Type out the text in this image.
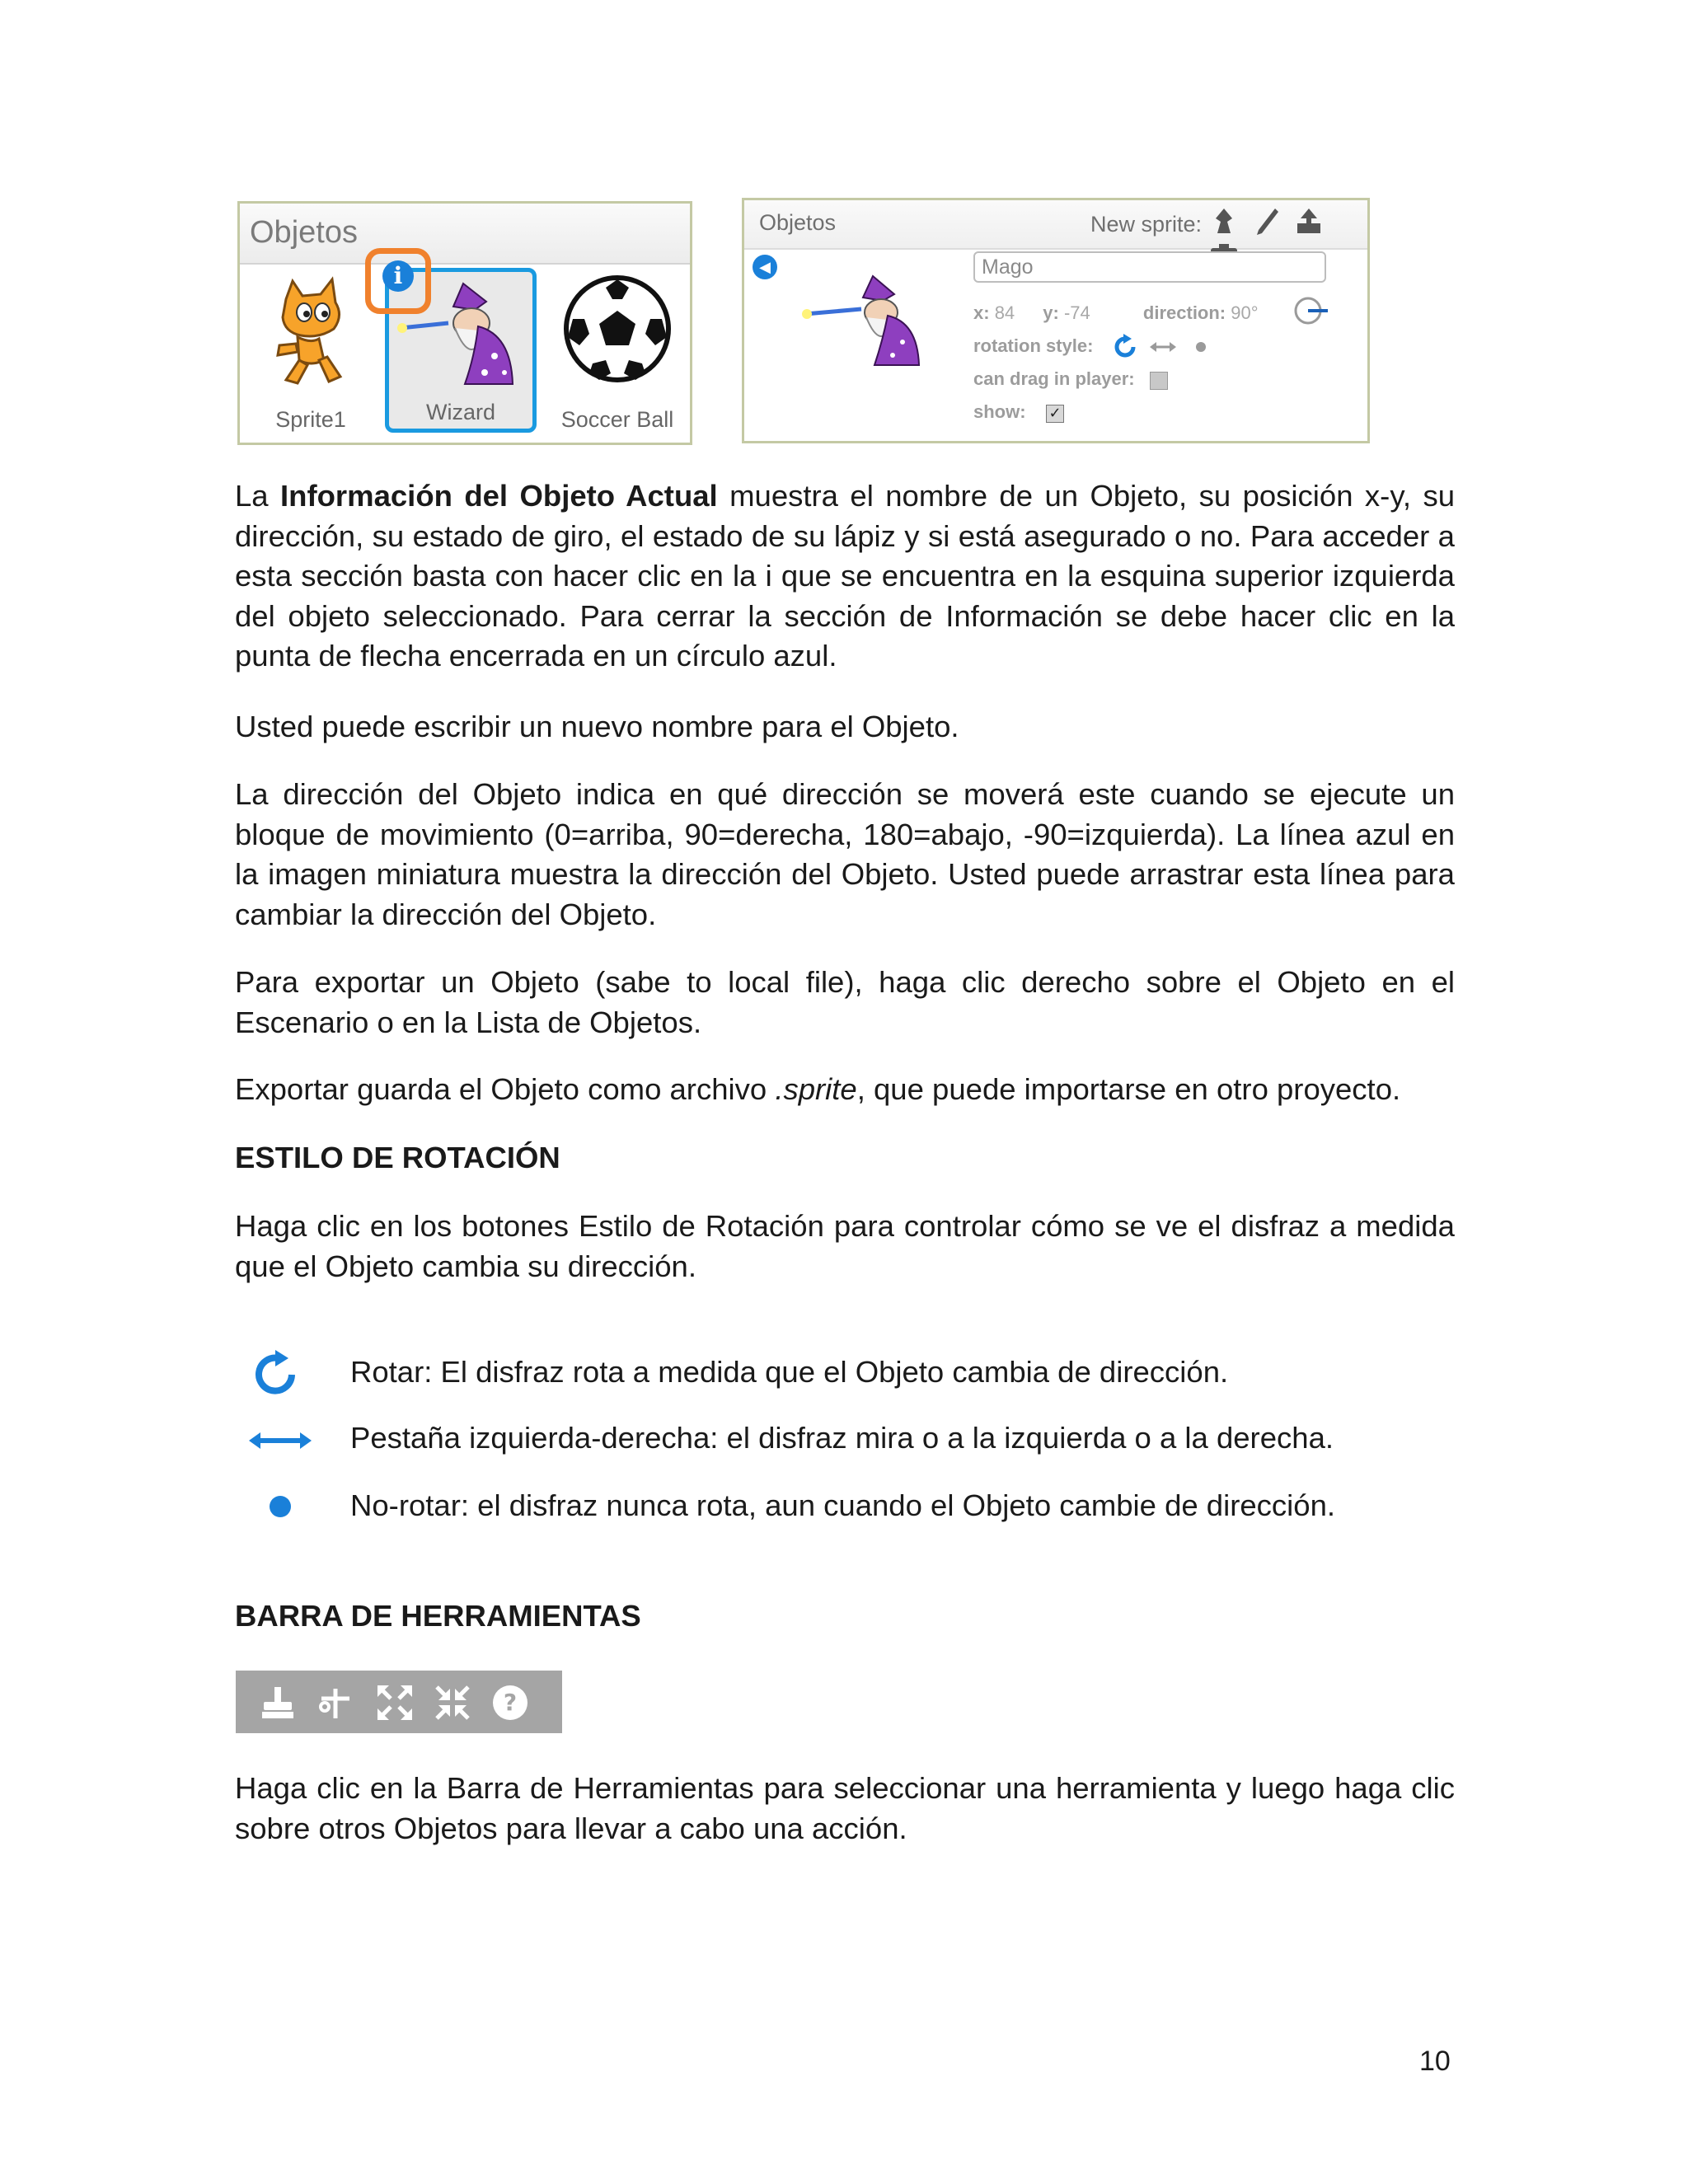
Objetos
Sprite1	Wizard
i
Soccer Ball
Objetos	New sprite:

◀
Mago
x: 84 y: -74	direction: 90°
rotation style:
can drag in player:
show: ✓

La Información del Objeto Actual muestra el nombre de un Objeto, su posición x-y, su dirección, su estado de giro, el estado de su lápiz y si está asegurado o no. Para acceder a esta sección basta con hacer clic en la i que se encuentra en la esquina superior izquierda del objeto seleccionado. Para cerrar la sección de Información se debe hacer clic en la punta de flecha encerrada en un círculo azul.

Usted puede escribir un nuevo nombre para el Objeto.

La dirección del Objeto indica en qué dirección se moverá este cuando se ejecute un bloque de movimiento (0=arriba, 90=derecha, 180=abajo, -90=izquierda). La línea azul en la imagen miniatura muestra la dirección del Objeto. Usted puede arrastrar esta línea para cambiar la dirección del Objeto.

Para exportar un Objeto (sabe to local file), haga clic derecho sobre el Objeto en el Escenario o en la Lista de Objetos.

Exportar guarda el Objeto como archivo .sprite, que puede importarse en otro proyecto.

ESTILO DE ROTACIÓN

Haga clic en los botones Estilo de Rotación para controlar cómo se ve el disfraz a medida que el Objeto cambia su dirección.

Rotar: El disfraz rota a medida que el Objeto cambia de dirección.
Pestaña izquierda-derecha: el disfraz mira o a la izquierda o a la derecha.
No-rotar: el disfraz nunca rota, aun cuando el Objeto cambie de dirección.
BARRA DE HERRAMIENTAS
?

Haga clic en la Barra de Herramientas para seleccionar una herramienta y luego haga clic sobre otros Objetos para llevar a cabo una acción.

10
